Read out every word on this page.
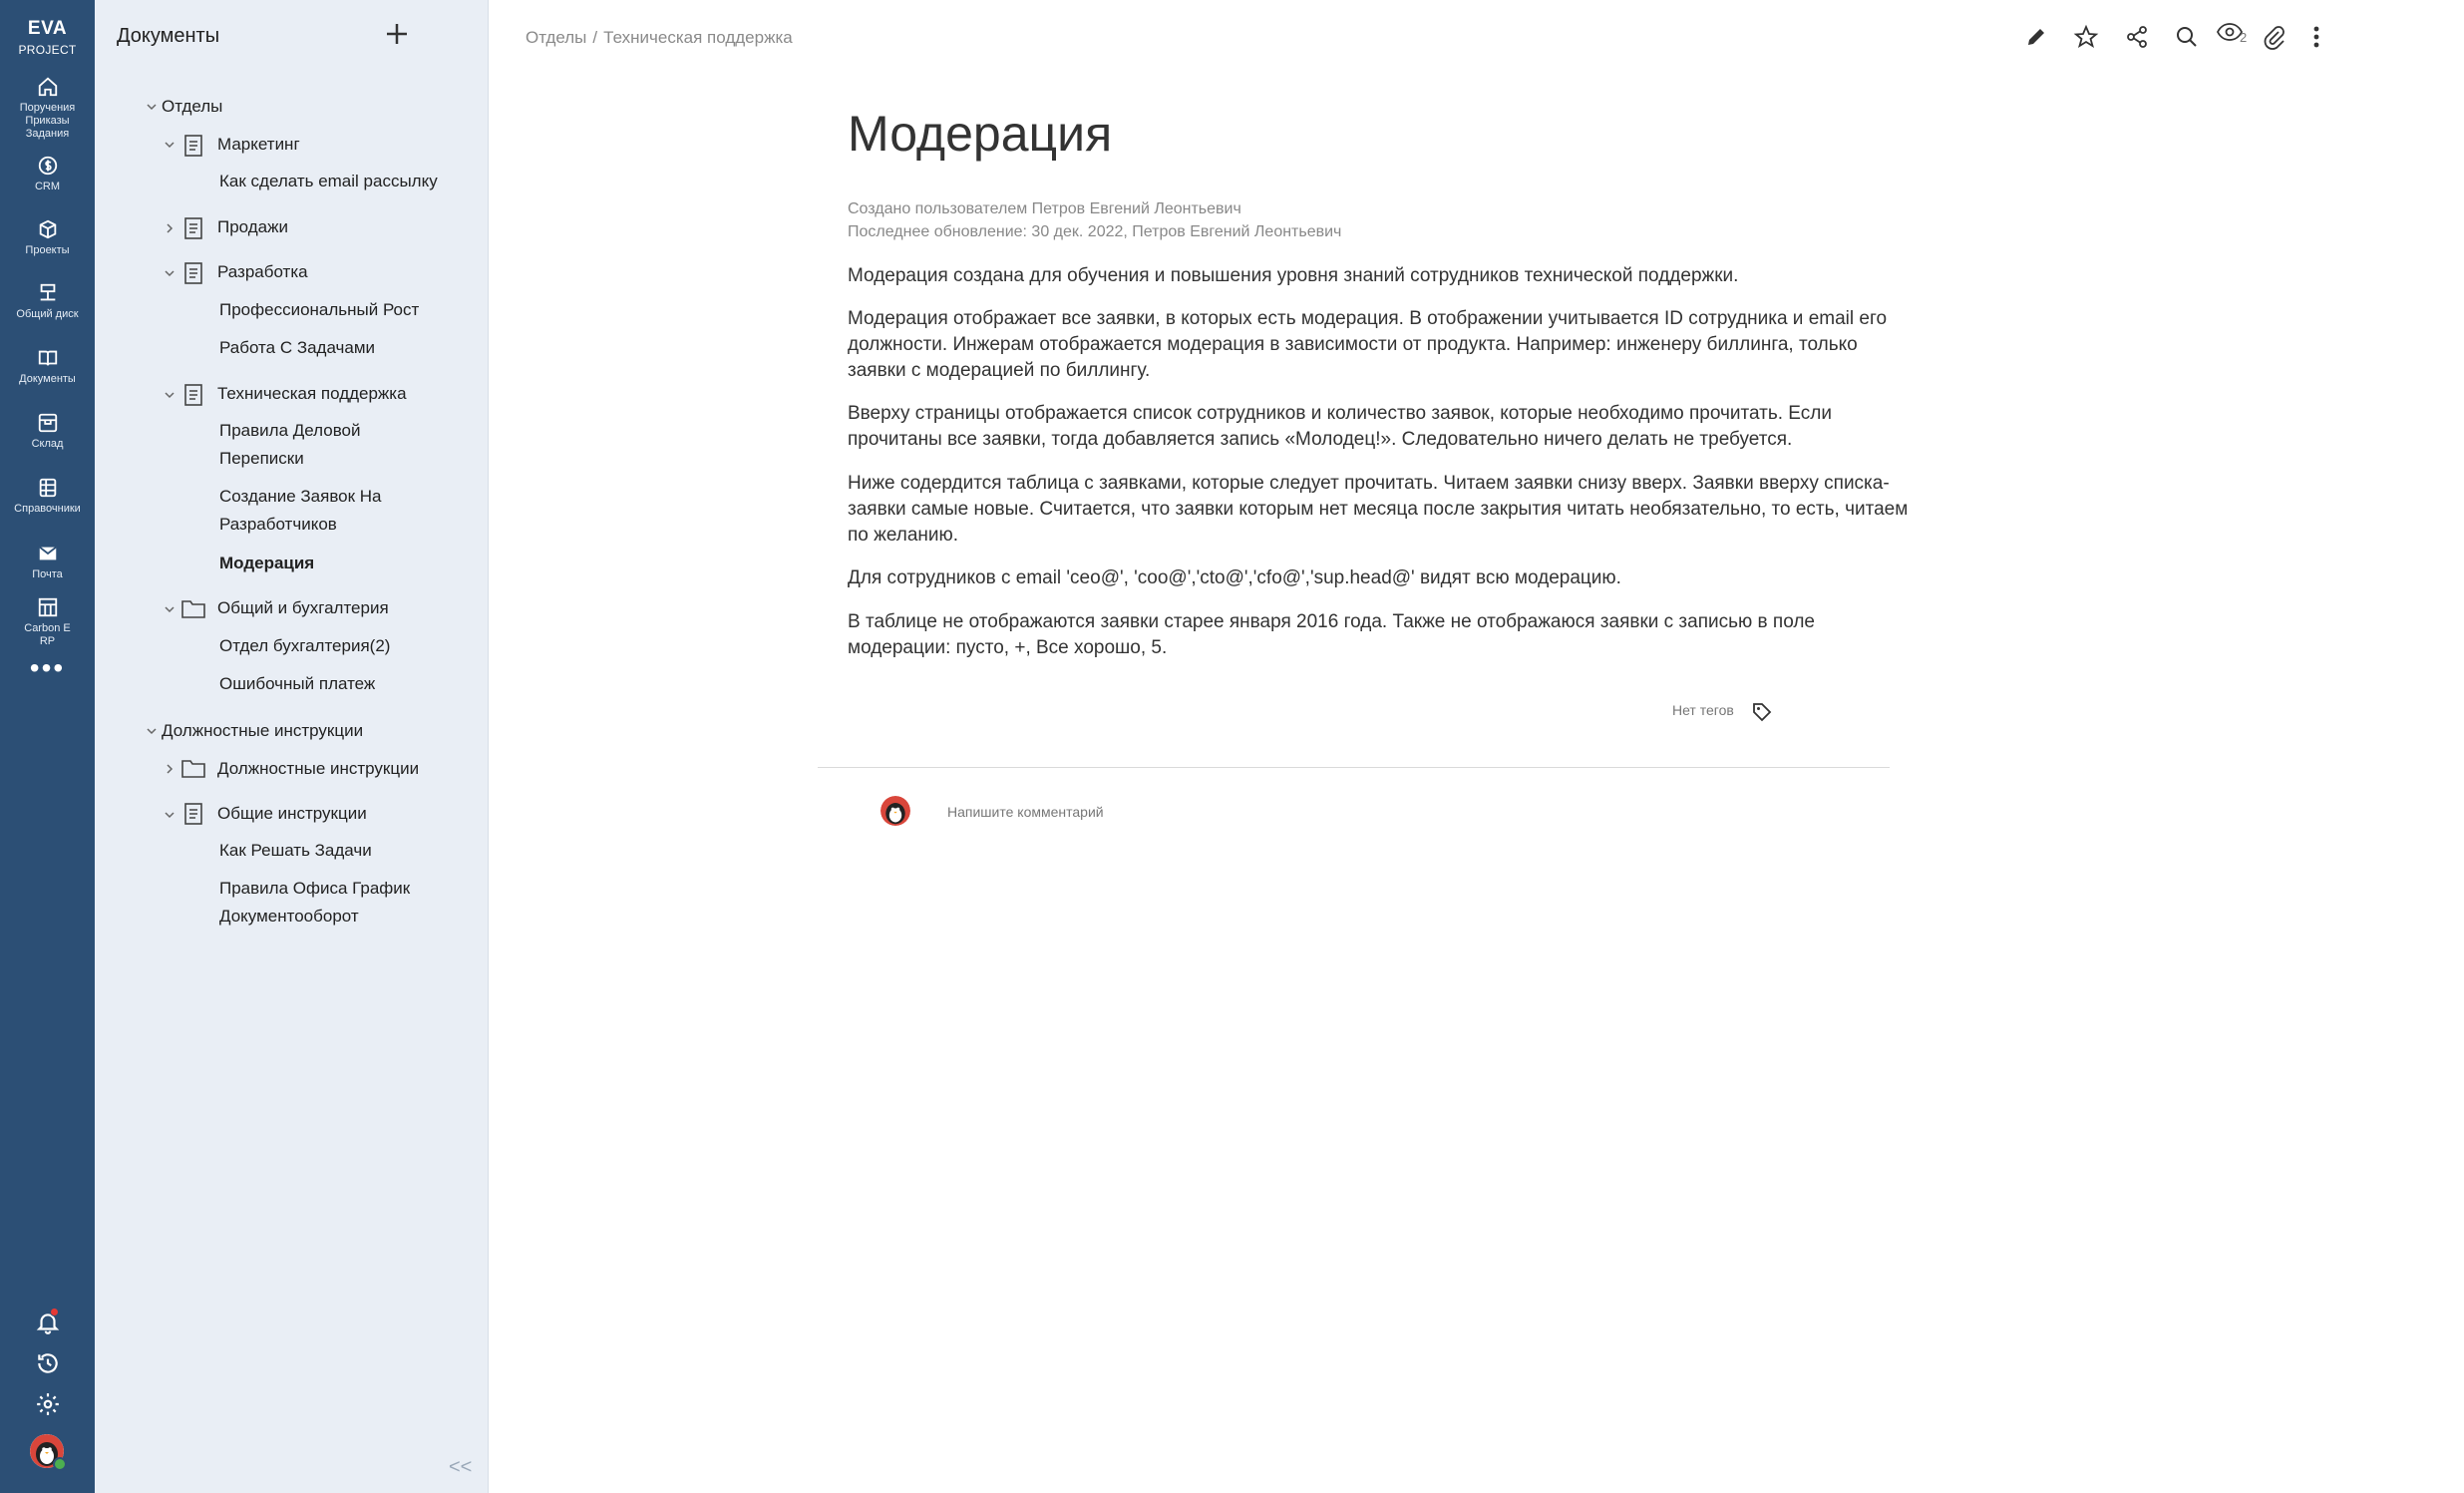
EVA
PROJECT
Поручения Приказы Задания
CRM
Проекты
Общий диск
Документы
Склад
Справочники
Почта
Carbon E RP
•••
Документы
Отделы
Маркетинг
Как сделать email рассылку
Продажи
Разработка
Профессиональный Рост
Работа С Задачами
Техническая поддержка
Правила Деловой Переписки
Создание Заявок На Разработчиков
Модерация
Общий и бухгалтерия
Отдел бухгалтерия(2)
Ошибочный платеж
Должностные инструкции
Должностные инструкции
Общие инструкции
Как Решать Задачи
Правила Офиса График Документооборот
<<
Отделы / Техническая поддержка	2
Модерация
Создано пользователем Петров Евгений Леонтьевич
Последнее обновление: 30 дек. 2022, Петров Евгений Леонтьевич

Модерация создана для обучения и повышения уровня знаний сотрудников технической поддержки.

Модерация отображает все заявки, в которых есть модерация. В отображении учитывается ID сотрудника и email его должности. Инжерам отображается модерация в зависимости от продукта. Например: инженеру биллинга, только заявки с модерацией по биллингу.

Вверху страницы отображается список сотрудников и количество заявок, которые необходимо прочитать. Если прочитаны все заявки, тогда добавляется запись «Молодец!». Следовательно ничего делать не требуется.

Ниже содердится таблица с заявками, которые следует прочитать. Читаем заявки снизу вверх. Заявки вверху списка-заявки самые новые. Считается, что заявки которым нет месяца после закрытия читать необязательно, то есть, читаем по желанию.

Для сотрудников с email 'ceo@', 'coo@','cto@','cfo@','sup.head@' видят всю модерацию.

В таблице не отображаются заявки старее января 2016 года. Также не отображаюся заявки с записью в поле модерации: пусто, +, Все хорошо, 5.

Нет тегов
Напишите комментарий
